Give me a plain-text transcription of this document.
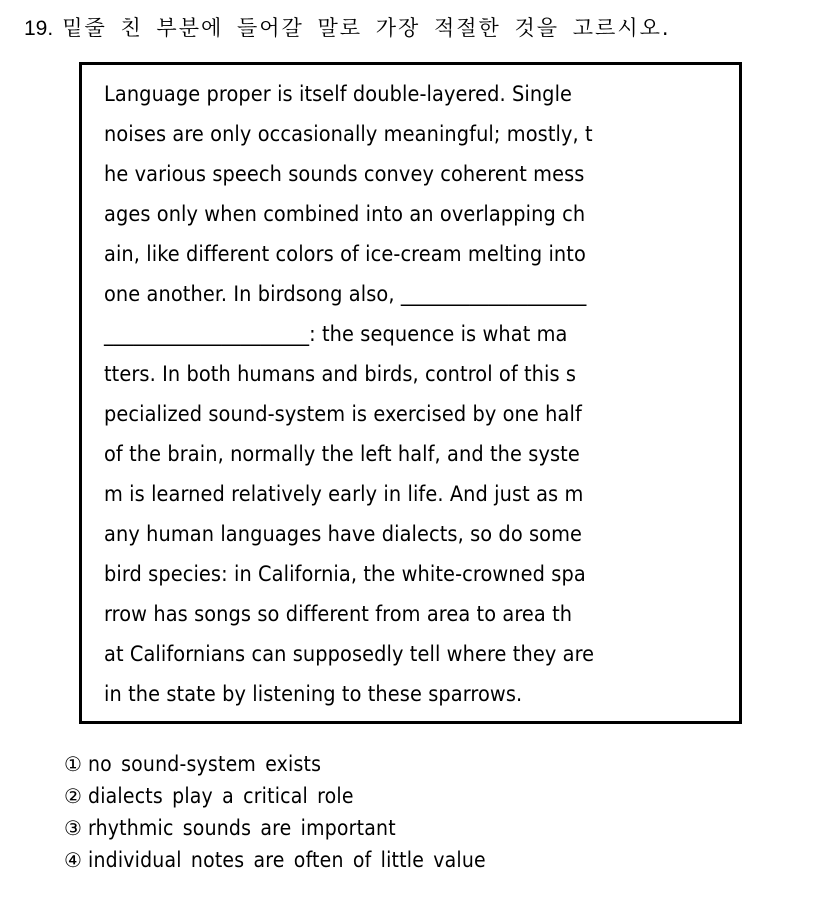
19. 밑줄 친 부분에 들어갈 말로 가장 적절한 것을 고르시오.
Language proper is itself double-layered. Single
noises are only occasionally meaningful; mostly, t
he various speech sounds convey coherent mess
ages only when combined into an overlapping ch
ain, like different colors of ice-cream melting into
one another. In birdsong also, ___________________
_____________________: the sequence is what ma
tters. In both humans and birds, control of this s
pecialized sound-system is exercised by one half
of the brain, normally the left half, and the syste
m is learned relatively early in life. And just as m
any human languages have dialects, so do some
bird species: in California, the white-crowned spa
rrow has songs so different from area to area th
at Californians can supposedly tell where they are
in the state by listening to these sparrows.
① no sound-system exists
② dialects play a critical role
③ rhythmic sounds are important
④ individual notes are often of little value
